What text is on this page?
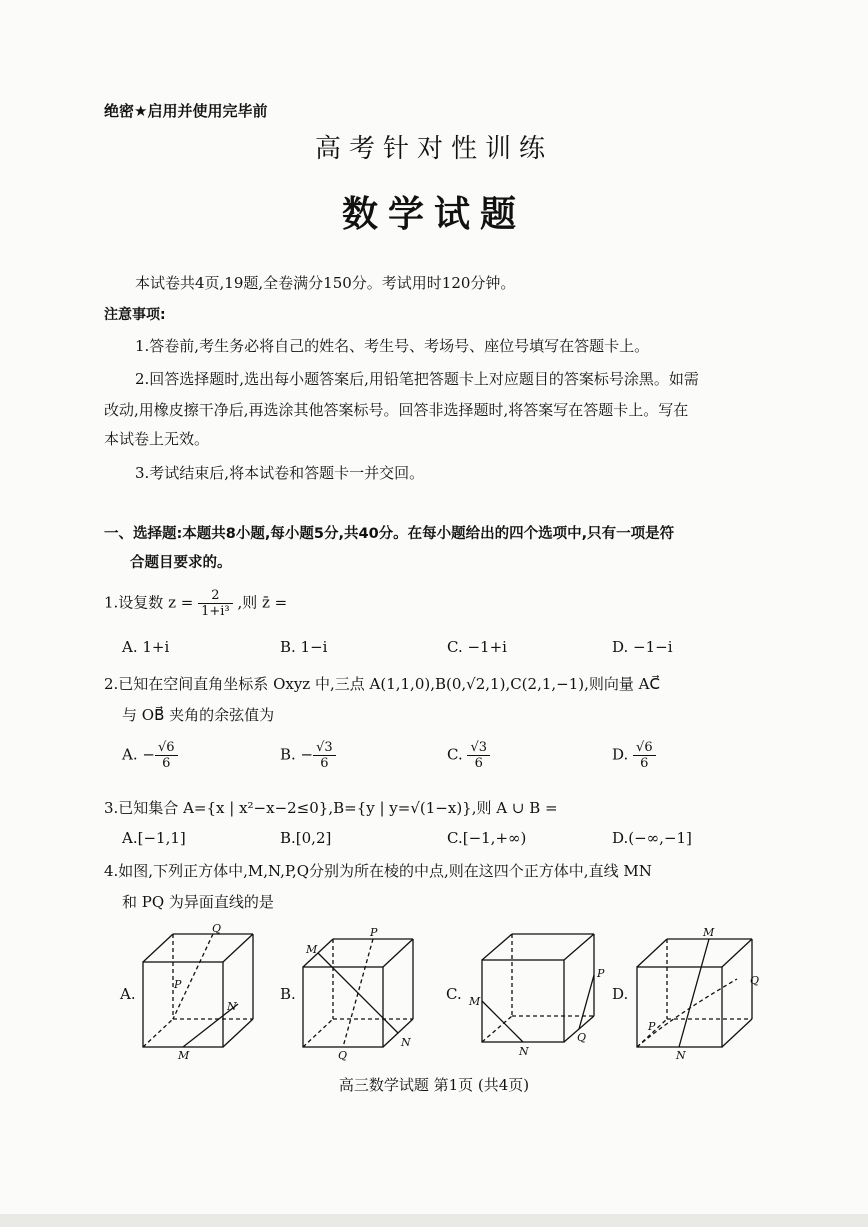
绝密★启用并使用完毕前
高考针对性训练
数学试题
本试卷共4页,19题,全卷满分150分。考试用时120分钟。
注意事项:
1.答卷前,考生务必将自己的姓名、考生号、考场号、座位号填写在答题卡上。
2.回答选择题时,选出每小题答案后,用铅笔把答题卡上对应题目的答案标号涂黑。如需
改动,用橡皮擦干净后,再选涂其他答案标号。回答非选择题时,将答案写在答题卡上。写在
本试卷上无效。
3.考试结束后,将本试卷和答题卡一并交回。
一、选择题:本题共8小题,每小题5分,共40分。在每小题给出的四个选项中,只有一项是符
合题目要求的。
1.设复数 $z = \frac{2}{\text{1+i³}}$ ,则 z̄ =
A. 1+i	B. 1−i	C. −1+i	D. −1−i
2.已知在空间直角坐标系 Oxyz 中,三点 A(1,1,0),B(0,√2,1),C(2,1,−1),则向量 AC⃗
与 OB⃗ 夹角的余弦值为
A. − $\frac{√6}{6}$	B. − $\frac{√3}{6}$	C. $\frac{√3}{6}$	D. $\frac{√6}{6}$
3.已知集合 A={x | x²−x−2≤0},B={y | y=√(1−x)},则 A ∪ B =
A.[−1,1]	B.[0,2]	C.[−1,+∞)	D.(−∞,−1]
4.如图,下列正方体中,M,N,P,Q分别为所在棱的中点,则在这四个正方体中,直线 MN
和 PQ 为异面直线的是
A.
Q
P
N
M
B.
M
P
N
Q
C. M
P
N
Q
D.
M
Q
P
N
高三数学试题 第1页 (共4页)
